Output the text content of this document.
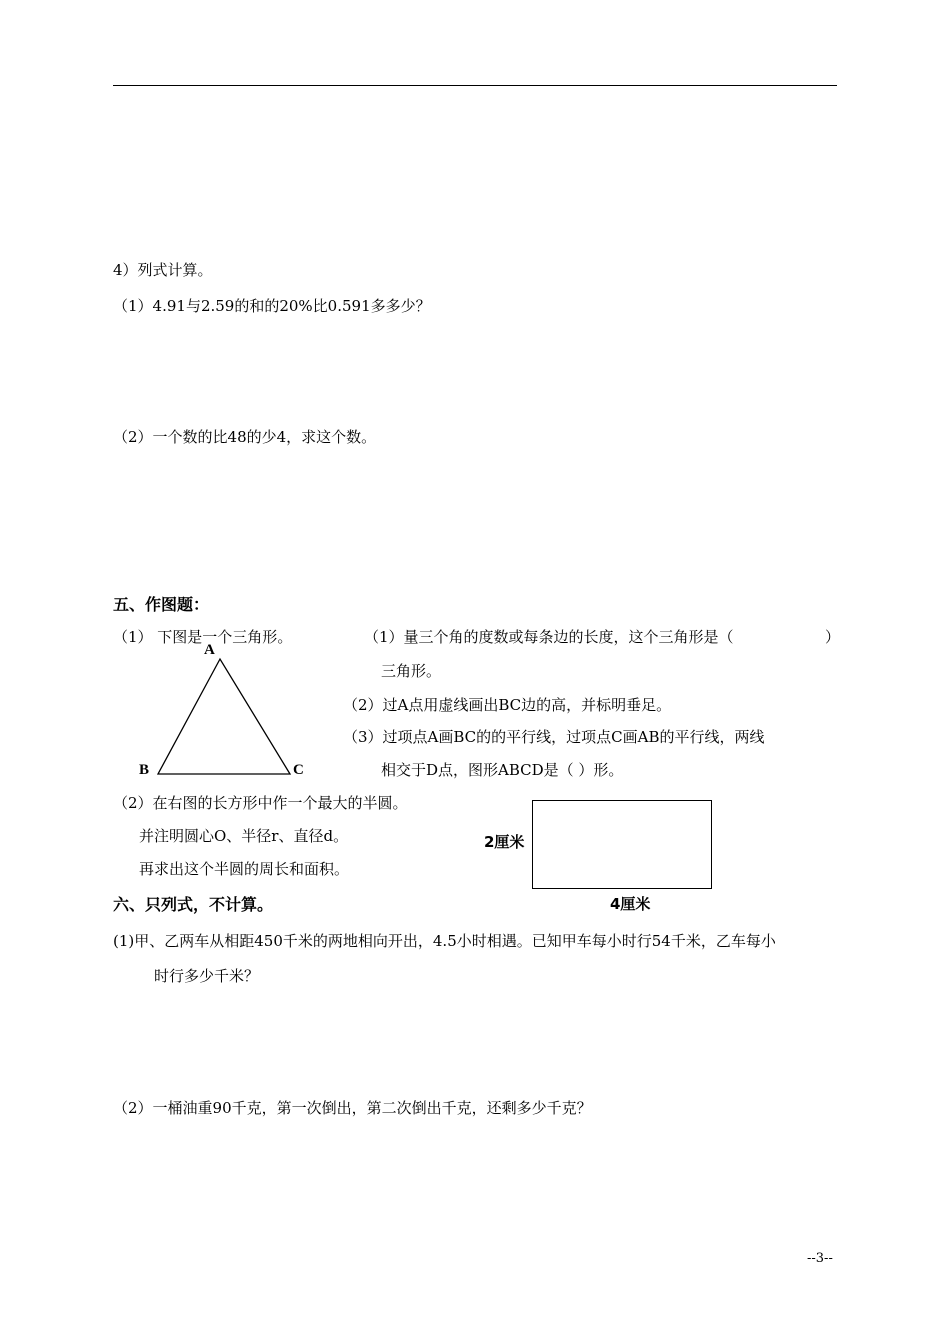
4）列式计算。
（1）4.91与2.59的和的20%比0.591多多少？
（2）一个数的比48的少4，求这个数。
五、作图题：
（1） 下图是一个三角形。	（1）量三个角的度数或每条边的长度，这个三角形是（	）
三角形。
（2）过A点用虚线画出BC边的高，并标明垂足。
（3）过项点A画BC的的平行线，过项点C画AB的平行线，两线
相交于D点，图形ABCD是（ ）形。
A
B	C
（2）在右图的长方形中作一个最大的半圆。
并注明圆心O、半径r、直径d。
再求出这个半圆的周长和面积。
2厘米
4厘米
六、只列式，不计算。
(1)甲、乙两车从相距450千米的两地相向开出，4.5小时相遇。已知甲车每小时行54千米，乙车每小
时行多少千米？
（2）一桶油重90千克，第一次倒出，第二次倒出千克，还剩多少千克？
--3--
